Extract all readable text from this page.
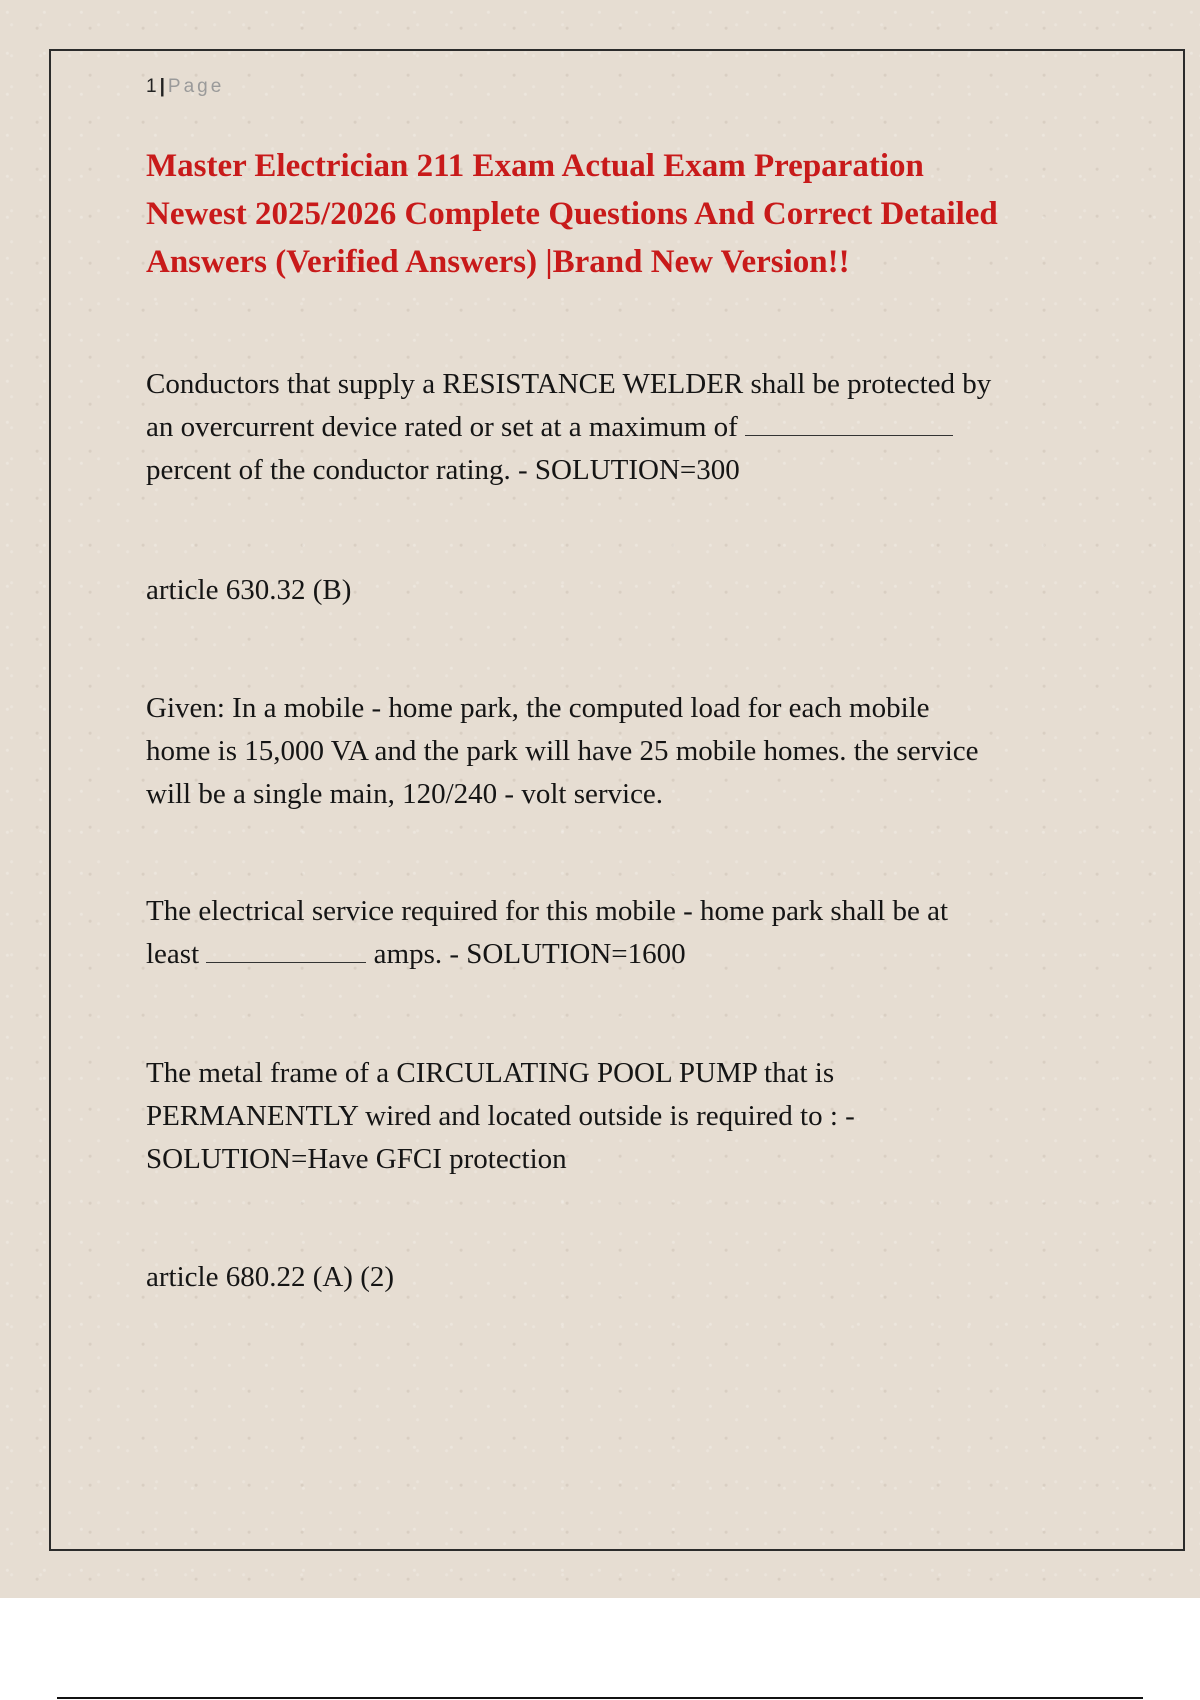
1 | Page
Master Electrician 211 Exam Actual Exam Preparation
Newest 2025/2026 Complete Questions And Correct Detailed
Answers (Verified Answers) |Brand New Version!!

Conductors that supply a RESISTANCE WELDER shall be protected by
an overcurrent device rated or set at a maximum of
percent of the conductor rating. - SOLUTION=300

article 630.32 (B)

Given: In a mobile - home park, the computed load for each mobile
home is 15,000 VA and the park will have 25 mobile homes. the service
will be a single main, 120/240 - volt service.

The electrical service required for this mobile - home park shall be at
least	amps. - SOLUTION=1600

The metal frame of a CIRCULATING POOL PUMP that is
PERMANENTLY wired and located outside is required to : -
SOLUTION=Have GFCI protection

article 680.22 (A) (2)
